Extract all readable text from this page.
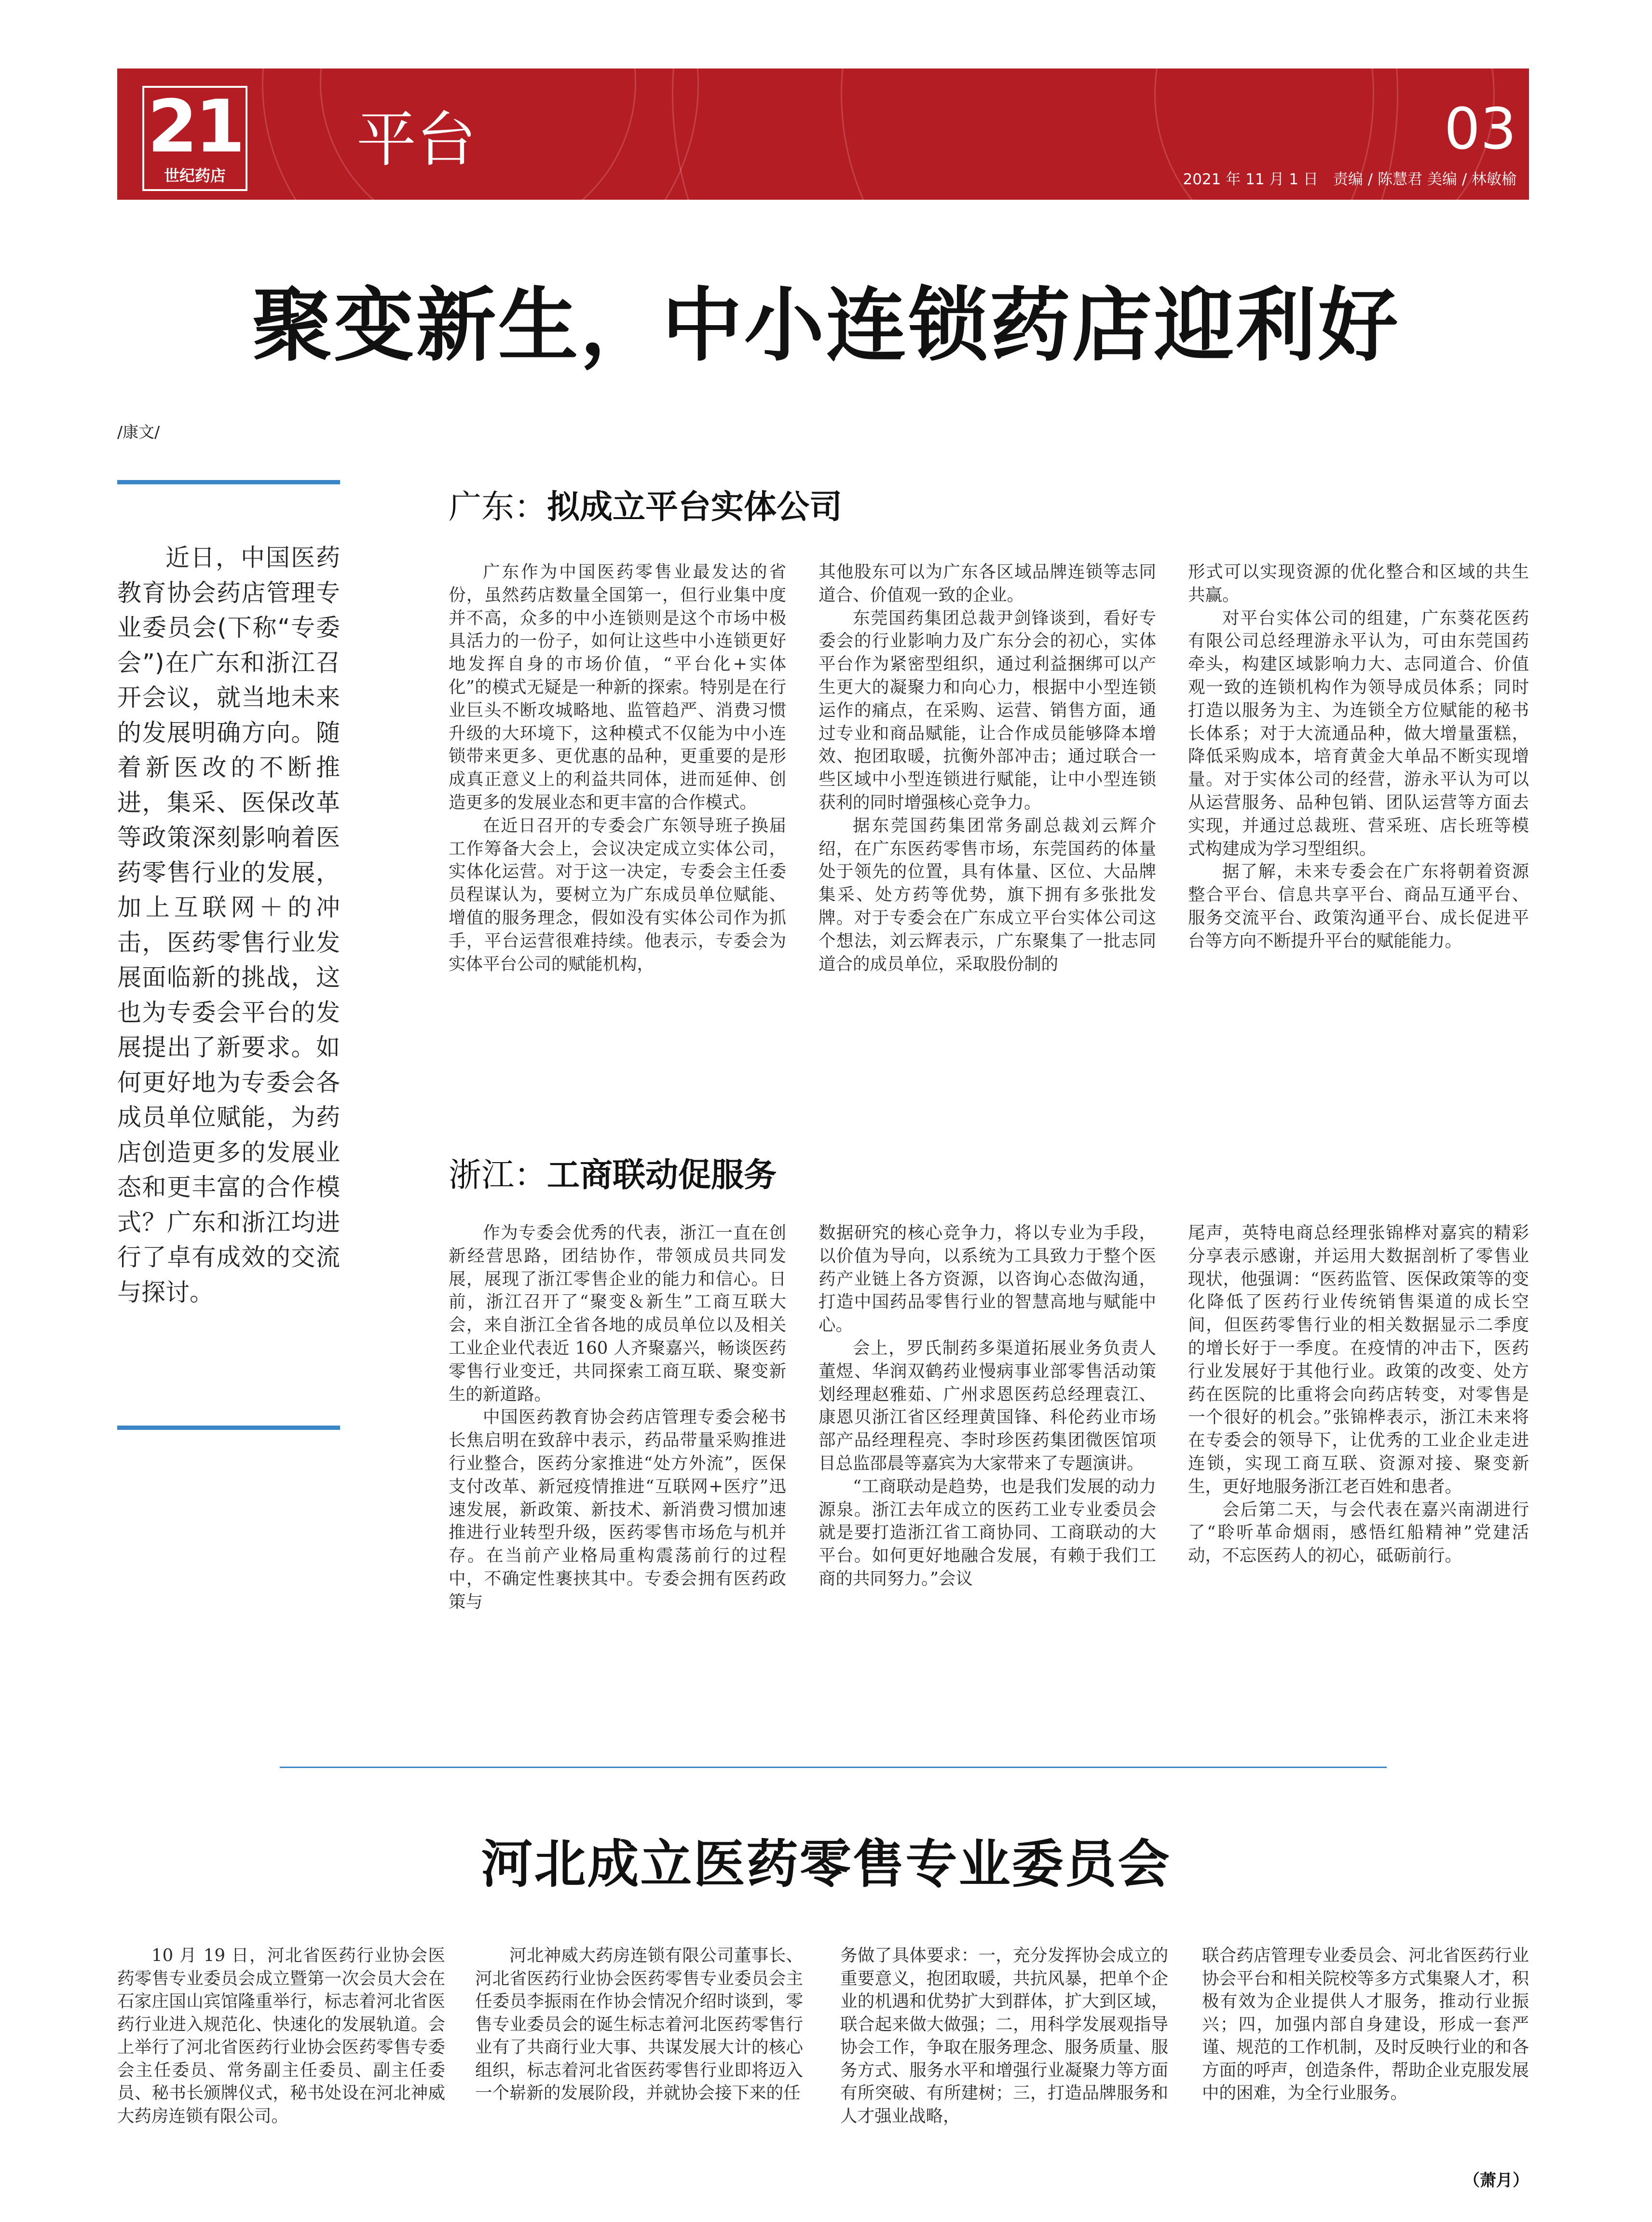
21
世纪药店
平台	03
2021 年 11 月 1 日　责编 / 陈慧君 美编 / 林敏榆
聚变新生，中小连锁药店迎利好
/康文/
近日，中国医药教育协会药店管理专业委员会(下称“专委会”)在广东和浙江召开会议，就当地未来的发展明确方向。随着新医改的不断推进，集采、医保改革等政策深刻影响着医药零售行业的发展，加上互联网＋的冲击，医药零售行业发展面临新的挑战，这也为专委会平台的发展提出了新要求。如何更好地为专委会各成员单位赋能，为药店创造更多的发展业态和更丰富的合作模式？广东和浙江均进行了卓有成效的交流与探讨。
广东：拟成立平台实体公司

广东作为中国医药零售业最发达的省份，虽然药店数量全国第一，但行业集中度并不高，众多的中小连锁则是这个市场中极具活力的一份子，如何让这些中小连锁更好地发挥自身的市场价值，“平台化+实体化”的模式无疑是一种新的探索。特别是在行业巨头不断攻城略地、监管趋严、消费习惯升级的大环境下，这种模式不仅能为中小连锁带来更多、更优惠的品种，更重要的是形成真正意义上的利益共同体，进而延伸、创造更多的发展业态和更丰富的合作模式。

在近日召开的专委会广东领导班子换届工作筹备大会上，会议决定成立实体公司，实体化运营。对于这一决定，专委会主任委员程谋认为，要树立为广东成员单位赋能、增值的服务理念，假如没有实体公司作为抓手，平台运营很难持续。他表示，专委会为实体平台公司的赋能机构，

其他股东可以为广东各区域品牌连锁等志同道合、价值观一致的企业。

东莞国药集团总裁尹剑锋谈到，看好专委会的行业影响力及广东分会的初心，实体平台作为紧密型组织，通过利益捆绑可以产生更大的凝聚力和向心力，根据中小型连锁运作的痛点，在采购、运营、销售方面，通过专业和商品赋能，让合作成员能够降本增效、抱团取暖，抗衡外部冲击；通过联合一些区域中小型连锁进行赋能，让中小型连锁获利的同时增强核心竞争力。

据东莞国药集团常务副总裁刘云辉介绍，在广东医药零售市场，东莞国药的体量处于领先的位置，具有体量、区位、大品牌集采、处方药等优势，旗下拥有多张批发牌。对于专委会在广东成立平台实体公司这个想法，刘云辉表示，广东聚集了一批志同道合的成员单位，采取股份制的

形式可以实现资源的优化整合和区域的共生共赢。

对平台实体公司的组建，广东葵花医药有限公司总经理游永平认为，可由东莞国药牵头，构建区域影响力大、志同道合、价值观一致的连锁机构作为领导成员体系；同时打造以服务为主、为连锁全方位赋能的秘书长体系；对于大流通品种，做大增量蛋糕，降低采购成本，培育黄金大单品不断实现增量。对于实体公司的经营，游永平认为可以从运营服务、品种包销、团队运营等方面去实现，并通过总裁班、营采班、店长班等模式构建成为学习型组织。

据了解，未来专委会在广东将朝着资源整合平台、信息共享平台、商品互通平台、服务交流平台、政策沟通平台、成长促进平台等方向不断提升平台的赋能能力。

浙江：工商联动促服务

作为专委会优秀的代表，浙江一直在创新经营思路，团结协作，带领成员共同发展，展现了浙江零售企业的能力和信心。日前，浙江召开了“聚变＆新生”工商互联大会，来自浙江全省各地的成员单位以及相关工业企业代表近 160 人齐聚嘉兴，畅谈医药零售行业变迁，共同探索工商互联、聚变新生的新道路。

中国医药教育协会药店管理专委会秘书长焦启明在致辞中表示，药品带量采购推进行业整合，医药分家推进“处方外流”，医保支付改革、新冠疫情推进“互联网+医疗”迅速发展，新政策、新技术、新消费习惯加速推进行业转型升级，医药零售市场危与机并存。在当前产业格局重构震荡前行的过程中，不确定性裹挟其中。专委会拥有医药政策与

数据研究的核心竞争力，将以专业为手段，以价值为导向，以系统为工具致力于整个医药产业链上各方资源，以咨询心态做沟通，打造中国药品零售行业的智慧高地与赋能中心。

会上，罗氏制药多渠道拓展业务负责人董煜、华润双鹤药业慢病事业部零售活动策划经理赵雅茹、广州求恩医药总经理袁江、康恩贝浙江省区经理黄国锋、科伦药业市场部产品经理程亮、李时珍医药集团微医馆项目总监邵晨等嘉宾为大家带来了专题演讲。

“工商联动是趋势，也是我们发展的动力源泉。浙江去年成立的医药工业专业委员会就是要打造浙江省工商协同、工商联动的大平台。如何更好地融合发展，有赖于我们工商的共同努力。”会议

尾声，英特电商总经理张锦桦对嘉宾的精彩分享表示感谢，并运用大数据剖析了零售业现状，他强调：“医药监管、医保政策等的变化降低了医药行业传统销售渠道的成长空间，但医药零售行业的相关数据显示二季度的增长好于一季度。在疫情的冲击下，医药行业发展好于其他行业。政策的改变、处方药在医院的比重将会向药店转变，对零售是一个很好的机会。”张锦桦表示，浙江未来将在专委会的领导下，让优秀的工业企业走进连锁，实现工商互联、资源对接、聚变新生，更好地服务浙江老百姓和患者。

会后第二天，与会代表在嘉兴南湖进行了“聆听革命烟雨，感悟红船精神”党建活动，不忘医药人的初心，砥砺前行。

河北成立医药零售专业委员会

10 月 19 日，河北省医药行业协会医药零售专业委员会成立暨第一次会员大会在石家庄国山宾馆隆重举行，标志着河北省医药行业进入规范化、快速化的发展轨道。会上举行了河北省医药行业协会医药零售专委会主任委员、常务副主任委员、副主任委员、秘书长颁牌仪式，秘书处设在河北神威大药房连锁有限公司。

河北神威大药房连锁有限公司董事长、河北省医药行业协会医药零售专业委员会主任委员李振雨在作协会情况介绍时谈到，零售专业委员会的诞生标志着河北医药零售行业有了共商行业大事、共谋发展大计的核心组织，标志着河北省医药零售行业即将迈入一个崭新的发展阶段，并就协会接下来的任

务做了具体要求：一，充分发挥协会成立的重要意义，抱团取暖，共抗风暴，把单个企业的机遇和优势扩大到群体，扩大到区域，联合起来做大做强；二，用科学发展观指导协会工作，争取在服务理念、服务质量、服务方式、服务水平和增强行业凝聚力等方面有所突破、有所建树；三，打造品牌服务和人才强业战略，

联合药店管理专业委员会、河北省医药行业协会平台和相关院校等多方式集聚人才，积极有效为企业提供人才服务，推动行业振兴；四，加强内部自身建设，形成一套严谨、规范的工作机制，及时反映行业的和各方面的呼声，创造条件，帮助企业克服发展中的困难，为全行业服务。

（萧月）
